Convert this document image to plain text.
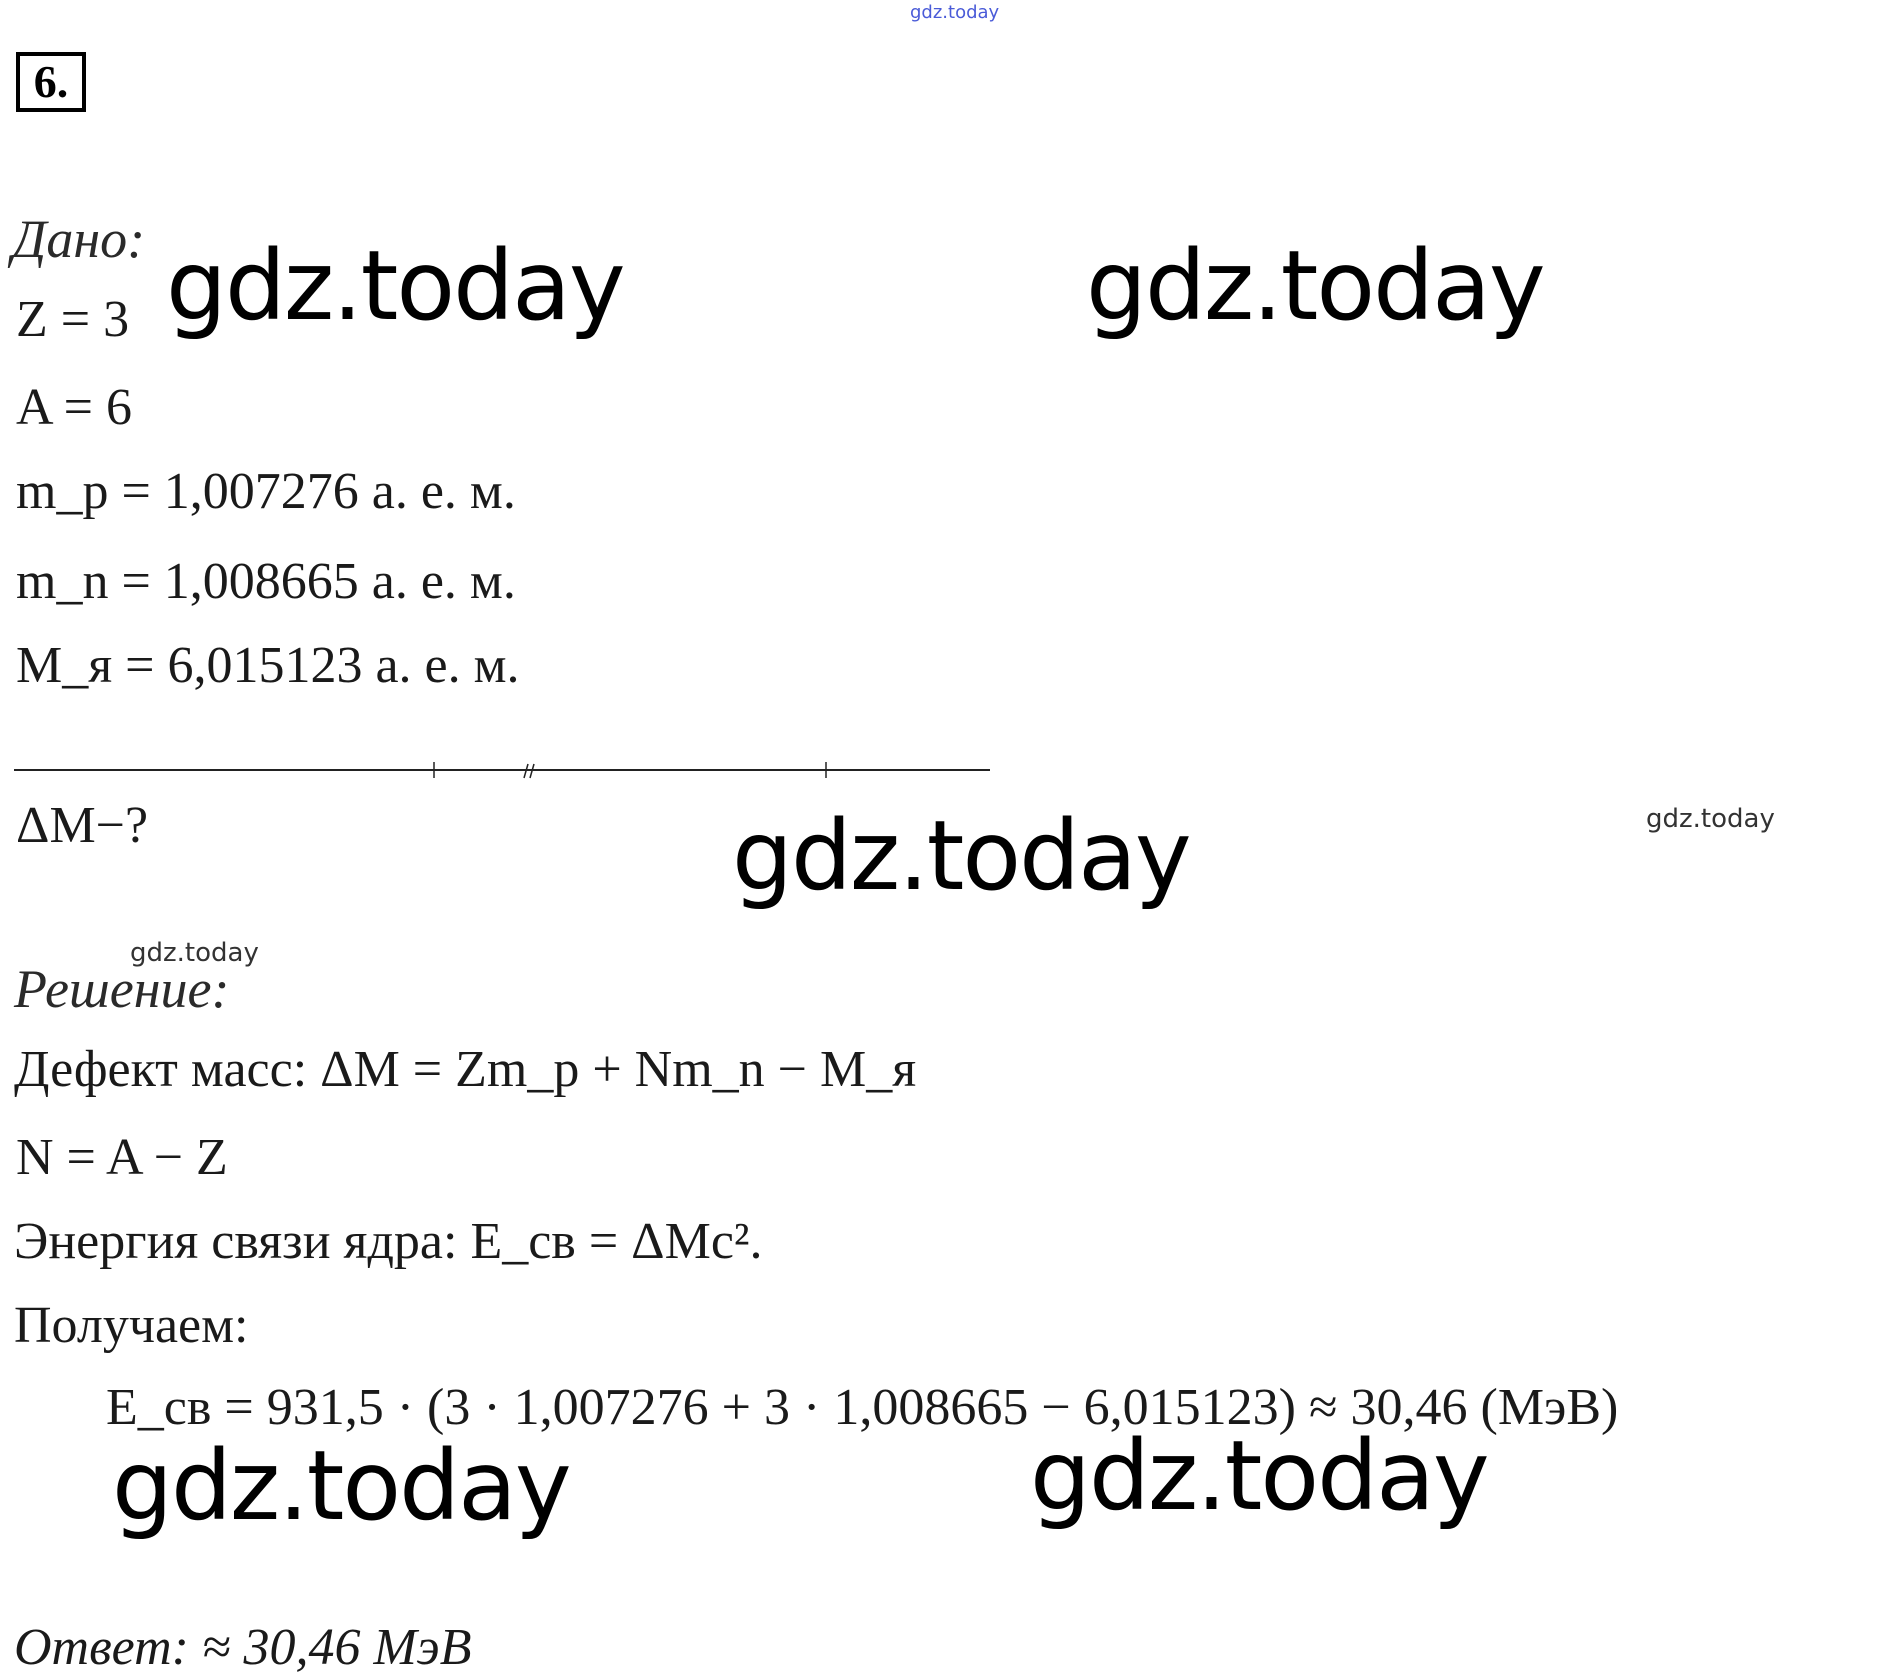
gdz.today
6.
Дано:
Z = 3
A = 6
m_p = 1,007276 а. е. м.
m_n = 1,008665 а. е. м.
M_я = 6,015123 а. е. м.
ΔM−?
Решение:
Дефект масс: ΔM = Zm_p + Nm_n − M_я
N = A − Z
Энергия связи ядра: E_св = ΔMc².
Получаем:
E_св = 931,5 · (3 · 1,007276 + 3 · 1,008665 − 6,015123) ≈ 30,46 (МэВ)
Ответ: ≈ 30,46 МэВ
gdz.today	gdz.today
gdz.today
gdz.today	gdz.today
gdz.today
gdz.today
